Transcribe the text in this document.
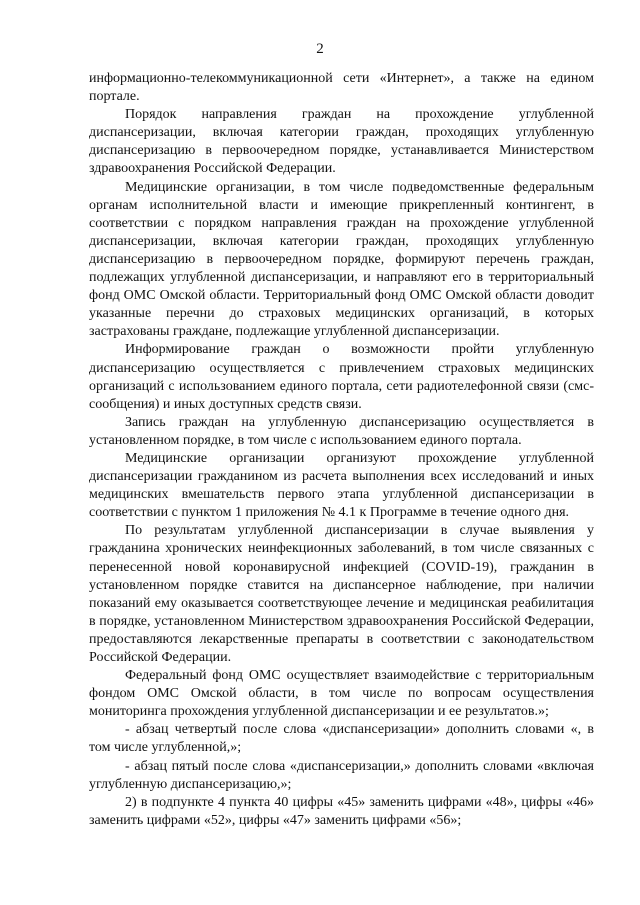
2

информационно-телекоммуникационной сети «Интернет», а также на едином портале.

Порядок направления граждан на прохождение углубленной диспансеризации, включая категории граждан, проходящих углубленную диспансеризацию в первоочередном порядке, устанавливается Министерством здравоохранения Российской Федерации.

Медицинские организации, в том числе подведомственные федеральным органам исполнительной власти и имеющие прикрепленный контингент, в соответствии с порядком направления граждан на прохождение углубленной диспансеризации, включая категории граждан, проходящих углубленную диспансеризацию в первоочередном порядке, формируют перечень граждан, подлежащих углубленной диспансеризации, и направляют его в территориальный фонд ОМС Омской области. Территориальный фонд ОМС Омской области доводит указанные перечни до страховых медицинских организаций, в которых застрахованы граждане, подлежащие углубленной диспансеризации.

Информирование граждан о возможности пройти углубленную диспансеризацию осуществляется с привлечением страховых медицинских организаций с использованием единого портала, сети радиотелефонной связи (смс-сообщения) и иных доступных средств связи.

Запись граждан на углубленную диспансеризацию осуществляется в установленном порядке, в том числе с использованием единого портала.

Медицинские организации организуют прохождение углубленной диспансеризации гражданином из расчета выполнения всех исследований и иных медицинских вмешательств первого этапа углубленной диспансеризации в соответствии с пунктом 1 приложения № 4.1 к Программе в течение одного дня.

По результатам углубленной диспансеризации в случае выявления у гражданина хронических неинфекционных заболеваний, в том числе связанных с перенесенной новой коронавирусной инфекцией (COVID-19), гражданин в установленном порядке ставится на диспансерное наблюдение, при наличии показаний ему оказывается соответствующее лечение и медицинская реабилитация в порядке, установленном Министерством здравоохранения Российской Федерации, предоставляются лекарственные препараты в соответствии с законодательством Российской Федерации.

Федеральный фонд ОМС осуществляет взаимодействие с территориальным фондом ОМС Омской области, в том числе по вопросам осуществления мониторинга прохождения углубленной диспансеризации и ее результатов.»;

- абзац четвертый после слова «диспансеризации» дополнить словами «, в том числе углубленной,»;

- абзац пятый после слова «диспансеризации,» дополнить словами «включая углубленную диспансеризацию,»;

2) в подпункте 4 пункта 40 цифры «45» заменить цифрами «48», цифры «46» заменить цифрами «52», цифры «47» заменить цифрами «56»;
